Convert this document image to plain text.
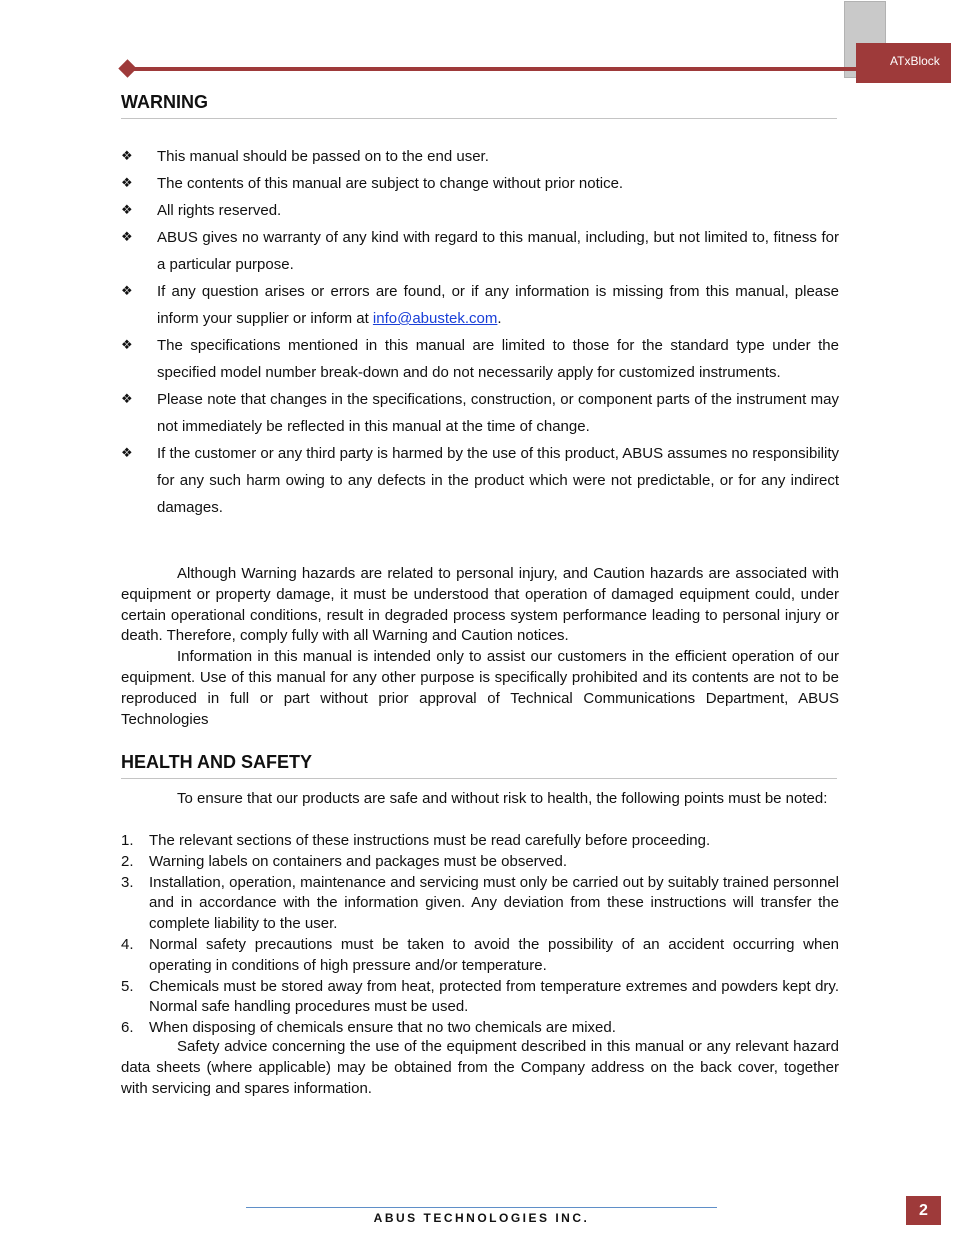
ATxBlock
WARNING
❖ This manual should be passed on to the end user.
❖ The contents of this manual are subject to change without prior notice.
❖ All rights reserved.
❖ ABUS gives no warranty of any kind with regard to this manual, including, but not limited to, fitness for a particular purpose.
❖ If any question arises or errors are found, or if any information is missing from this manual, please inform your supplier or inform at info@abustek.com.
❖ The specifications mentioned in this manual are limited to those for the standard type under the specified model number break-down and do not necessarily apply for customized instruments.
❖ Please note that changes in the specifications, construction, or component parts of the instrument may not immediately be reflected in this manual at the time of change.
❖ If the customer or any third party is harmed by the use of this product, ABUS assumes no responsibility for any such harm owing to any defects in the product which were not predictable, or for any indirect damages.

Although Warning hazards are related to personal injury, and Caution hazards are associated with equipment or property damage, it must be understood that operation of damaged equipment could, under certain operational conditions, result in degraded process system performance leading to personal injury or death. Therefore, comply fully with all Warning and Caution notices.

Information in this manual is intended only to assist our customers in the efficient operation of our equipment. Use of this manual for any other purpose is specifically prohibited and its contents are not to be reproduced in full or part without prior approval of Technical Communications Department, ABUS Technologies

HEALTH AND SAFETY

To ensure that our products are safe and without risk to health, the following points must be noted:

1. The relevant sections of these instructions must be read carefully before proceeding.
2. Warning labels on containers and packages must be observed.
3. Installation, operation, maintenance and servicing must only be carried out by suitably trained personnel and in accordance with the information given. Any deviation from these instructions will transfer the complete liability to the user.
4. Normal safety precautions must be taken to avoid the possibility of an accident occurring when operating in conditions of high pressure and/or temperature.
5. Chemicals must be stored away from heat, protected from temperature extremes and powders kept dry. Normal safe handling procedures must be used.
6. When disposing of chemicals ensure that no two chemicals are mixed.

Safety advice concerning the use of the equipment described in this manual or any relevant hazard data sheets (where applicable) may be obtained from the Company address on the back cover, together with servicing and spares information.

ABUS TECHNOLOGIES INC.	2
